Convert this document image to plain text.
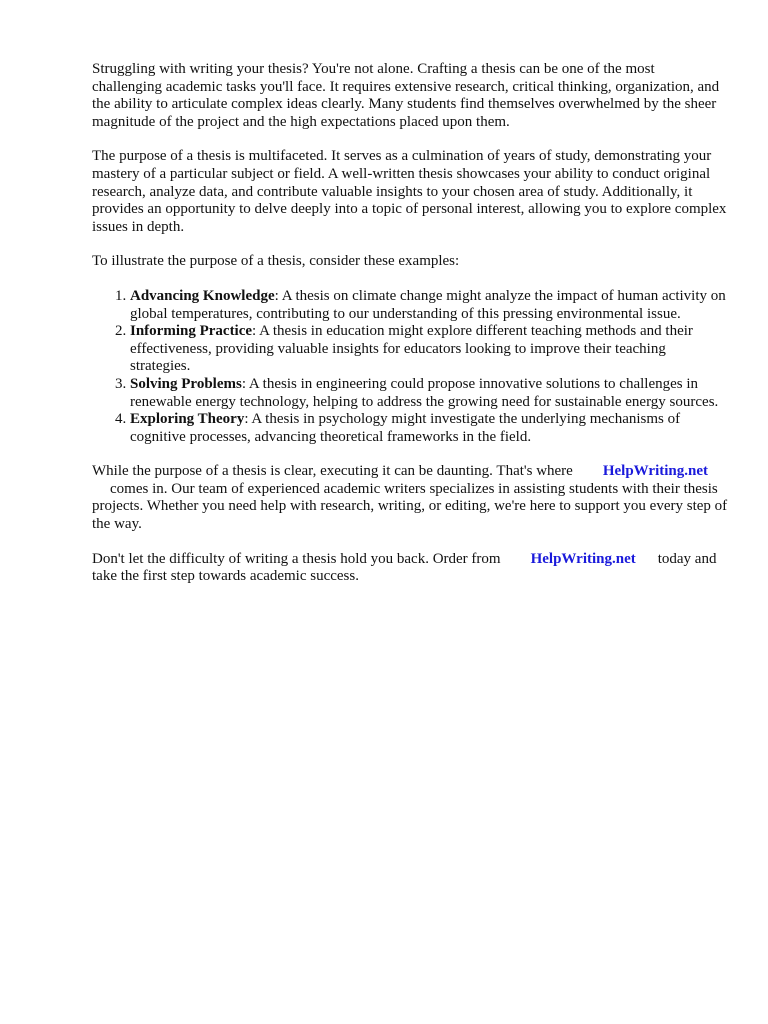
Struggling with writing your thesis? You're not alone. Crafting a thesis can be one of the most challenging academic tasks you'll face. It requires extensive research, critical thinking, organization, and the ability to articulate complex ideas clearly. Many students find themselves overwhelmed by the sheer magnitude of the project and the high expectations placed upon them.

The purpose of a thesis is multifaceted. It serves as a culmination of years of study, demonstrating your mastery of a particular subject or field. A well-written thesis showcases your ability to conduct original research, analyze data, and contribute valuable insights to your chosen area of study. Additionally, it provides an opportunity to delve deeply into a topic of personal interest, allowing you to explore complex issues in depth.

To illustrate the purpose of a thesis, consider these examples:

1. Advancing Knowledge: A thesis on climate change might analyze the impact of human activity on global temperatures, contributing to our understanding of this pressing environmental issue.
2. Informing Practice: A thesis in education might explore different teaching methods and their effectiveness, providing valuable insights for educators looking to improve their teaching strategies.
3. Solving Problems: A thesis in engineering could propose innovative solutions to challenges in renewable energy technology, helping to address the growing need for sustainable energy sources.
4. Exploring Theory: A thesis in psychology might investigate the underlying mechanisms of cognitive processes, advancing theoretical frameworks in the field.

While the purpose of a thesis is clear, executing it can be daunting. That's where HelpWriting.net
comes in. Our team of experienced academic writers specializes in assisting students with their thesis projects. Whether you need help with research, writing, or editing, we're here to support you every step of the way.

Don't let the difficulty of writing a thesis hold you back. Order from HelpWriting.net today and take the first step towards academic success.
